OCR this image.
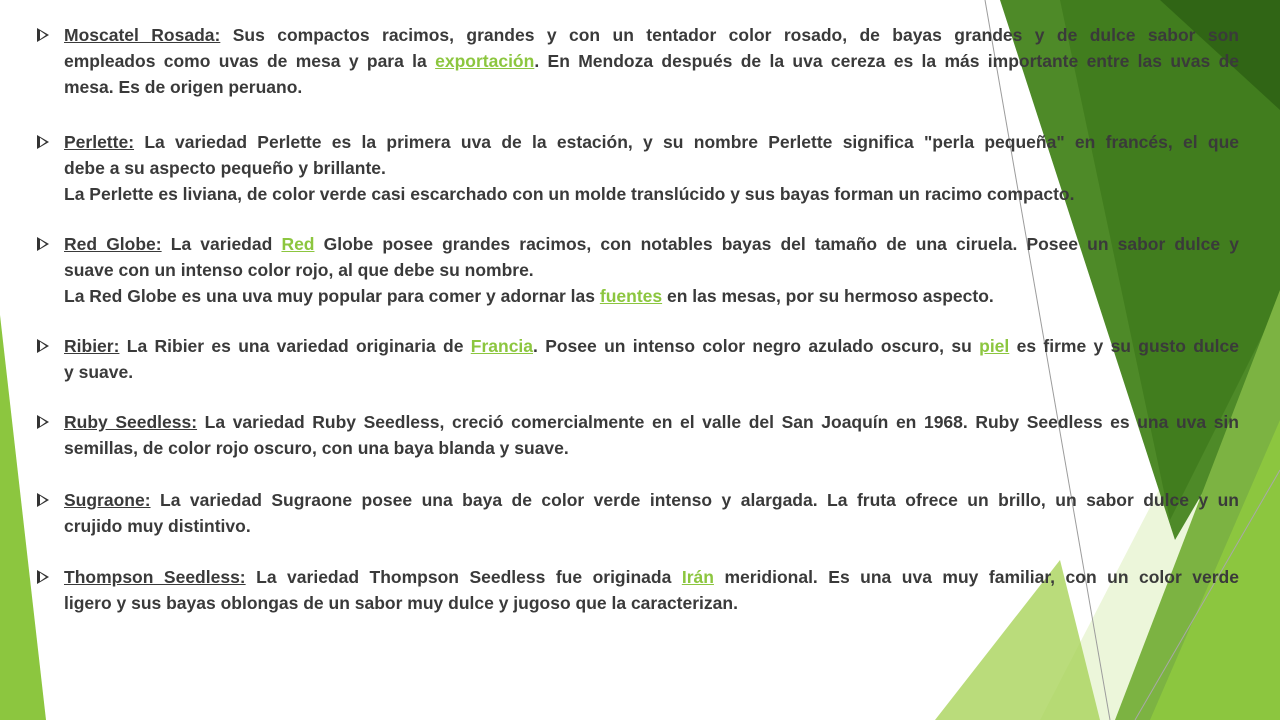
Moscatel Rosada: Sus compactos racimos, grandes y con un tentador color rosado, de bayas grandes y de dulce sabor son
empleados como uvas de mesa y para la exportación. En Mendoza después de la uva cereza es la más importante entre las uvas de
mesa. Es de origen peruano.
Perlette: La variedad Perlette es la primera uva de la estación, y su nombre Perlette significa "perla pequeña" en francés, el que
debe a su aspecto pequeño y brillante.
La Perlette es liviana, de color verde casi escarchado con un molde translúcido y sus bayas forman un racimo compacto.
Red Globe: La variedad Red Globe posee grandes racimos, con notables bayas del tamaño de una ciruela. Posee un sabor dulce y
suave con un intenso color rojo, al que debe su nombre.
La Red Globe es una uva muy popular para comer y adornar las fuentes en las mesas, por su hermoso aspecto.
Ribier: La Ribier es una variedad originaria de Francia. Posee un intenso color negro azulado oscuro, su piel es firme y su gusto dulce
y suave.
Ruby Seedless: La variedad Ruby Seedless, creció comercialmente en el valle del San Joaquín en 1968. Ruby Seedless es una uva sin
semillas, de color rojo oscuro, con una baya blanda y suave.
Sugraone: La variedad Sugraone posee una baya de color verde intenso y alargada. La fruta ofrece un brillo, un sabor dulce y un
crujido muy distintivo.
Thompson Seedless: La variedad Thompson Seedless fue originada Irán meridional. Es una uva muy familiar, con un color verde
ligero y sus bayas oblongas de un sabor muy dulce y jugoso que la caracterizan.
